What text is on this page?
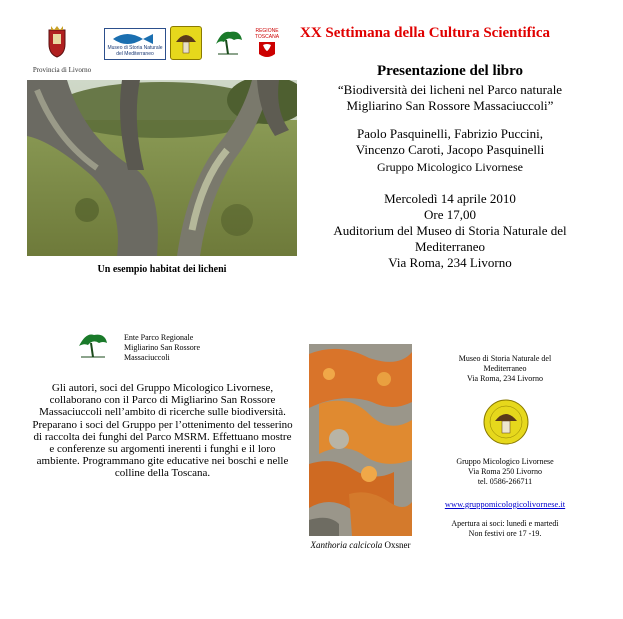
Provincia di Livorno
Museo di Storia Naturale del Mediterraneo
REGIONE TOSCANA XX Settimana della Cultura Scientifica
Un esempio habitat dei licheni
Presentazione del libro
“Biodiversità dei licheni nel Parco naturale
Migliarino San Rossore Massaciuccoli”
Paolo Pasquinelli, Fabrizio Puccini,
Vincenzo Caroti, Jacopo Pasquinelli
Gruppo Micologico Livornese
Mercoledì 14 aprile 2010
Ore 17,00
Auditorium del Museo di Storia Naturale del
Mediterraneo
Via Roma, 234 Livorno
Ente Parco Regionale
Migliarino San Rossore
Massaciuccoli
Gli autori, soci del Gruppo Micologico Livornese, collaborano con il Parco di Migliarino San Rossore Massaciuccoli nell’ambito di ricerche sulle biodiversità. Preparano i soci del Gruppo per l’ottenimento del tesserino di raccolta dei funghi del Parco MSRM. Effettuano mostre e conferenze su argomenti inerenti i funghi e il loro ambiente. Programmano gite educative nei boschi e nelle colline della Toscana.
Xanthoria calcicola Oxsner
Museo di Storia Naturale del
Mediterraneo
Via Roma, 234 Livorno
Gruppo Micologico Livornese
Via Roma 250 Livorno
tel. 0586-266711
www.gruppomicologicolivornese.it
Apertura ai soci: lunedì e martedì
Non festivi ore 17 -19.
